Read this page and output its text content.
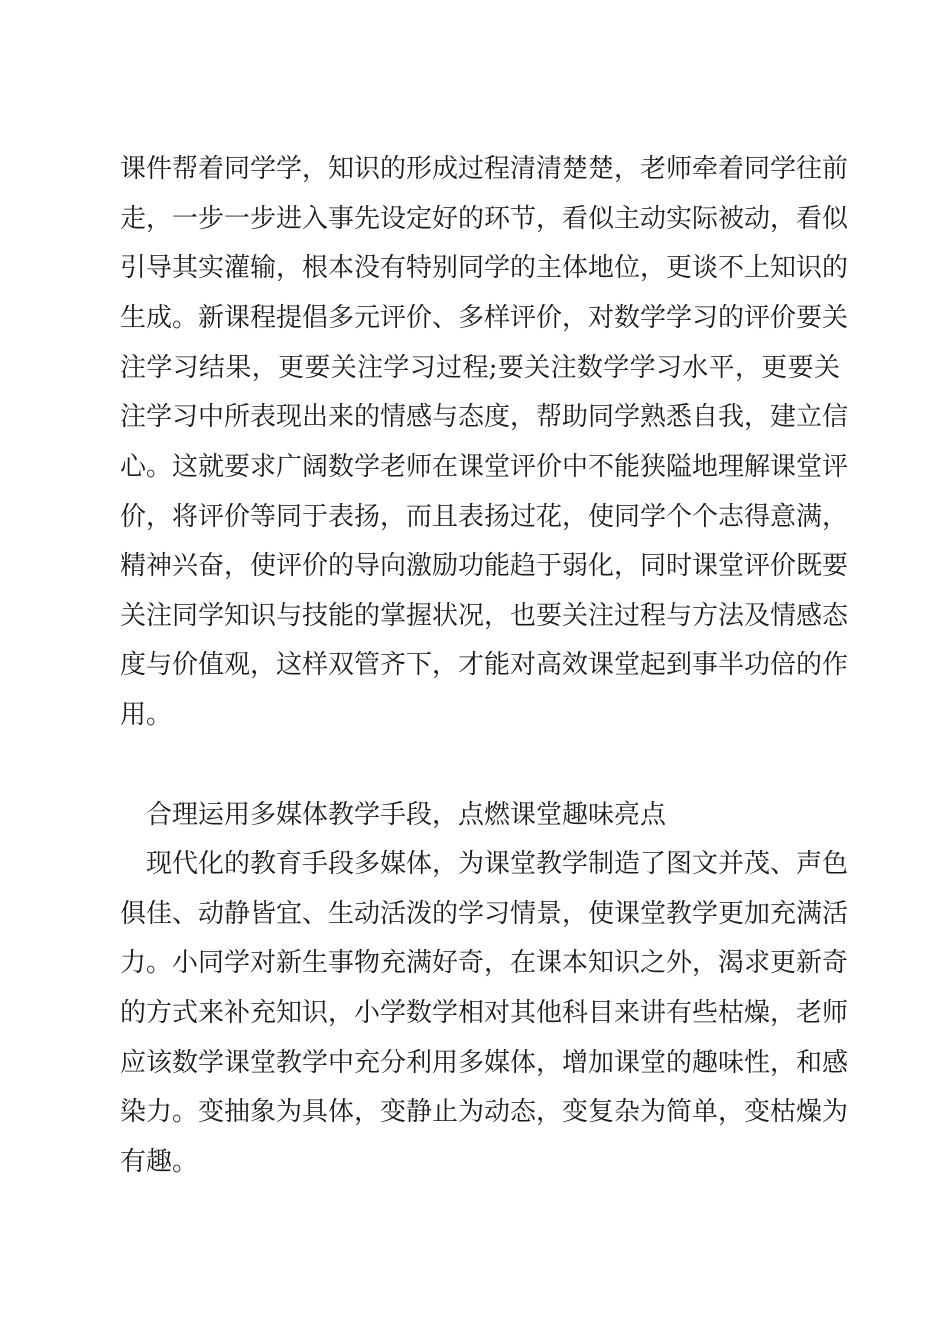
课件帮着同学学，知识的形成过程清清楚楚，老师牵着同学往前
走，一步一步进入事先设定好的环节，看似主动实际被动，看似
引导其实灌输，根本没有特别同学的主体地位，更谈不上知识的
生成。新课程提倡多元评价、多样评价，对数学学习的评价要关
注学习结果，更要关注学习过程;要关注数学学习水平，更要关
注学习中所表现出来的情感与态度，帮助同学熟悉自我，建立信
心。这就要求广阔数学老师在课堂评价中不能狭隘地理解课堂评
价，将评价等同于表扬，而且表扬过花，使同学个个志得意满，
精神兴奋，使评价的导向激励功能趋于弱化，同时课堂评价既要
关注同学知识与技能的掌握状况，也要关注过程与方法及情感态
度与价值观，这样双管齐下，才能对高效课堂起到事半功倍的作
用。
合理运用多媒体教学手段，点燃课堂趣味亮点
现代化的教育手段多媒体，为课堂教学制造了图文并茂、声色
俱佳、动静皆宜、生动活泼的学习情景，使课堂教学更加充满活
力。小同学对新生事物充满好奇，在课本知识之外，渴求更新奇
的方式来补充知识，小学数学相对其他科目来讲有些枯燥，老师
应该数学课堂教学中充分利用多媒体，增加课堂的趣味性，和感
染力。变抽象为具体，变静止为动态，变复杂为简单，变枯燥为
有趣。
